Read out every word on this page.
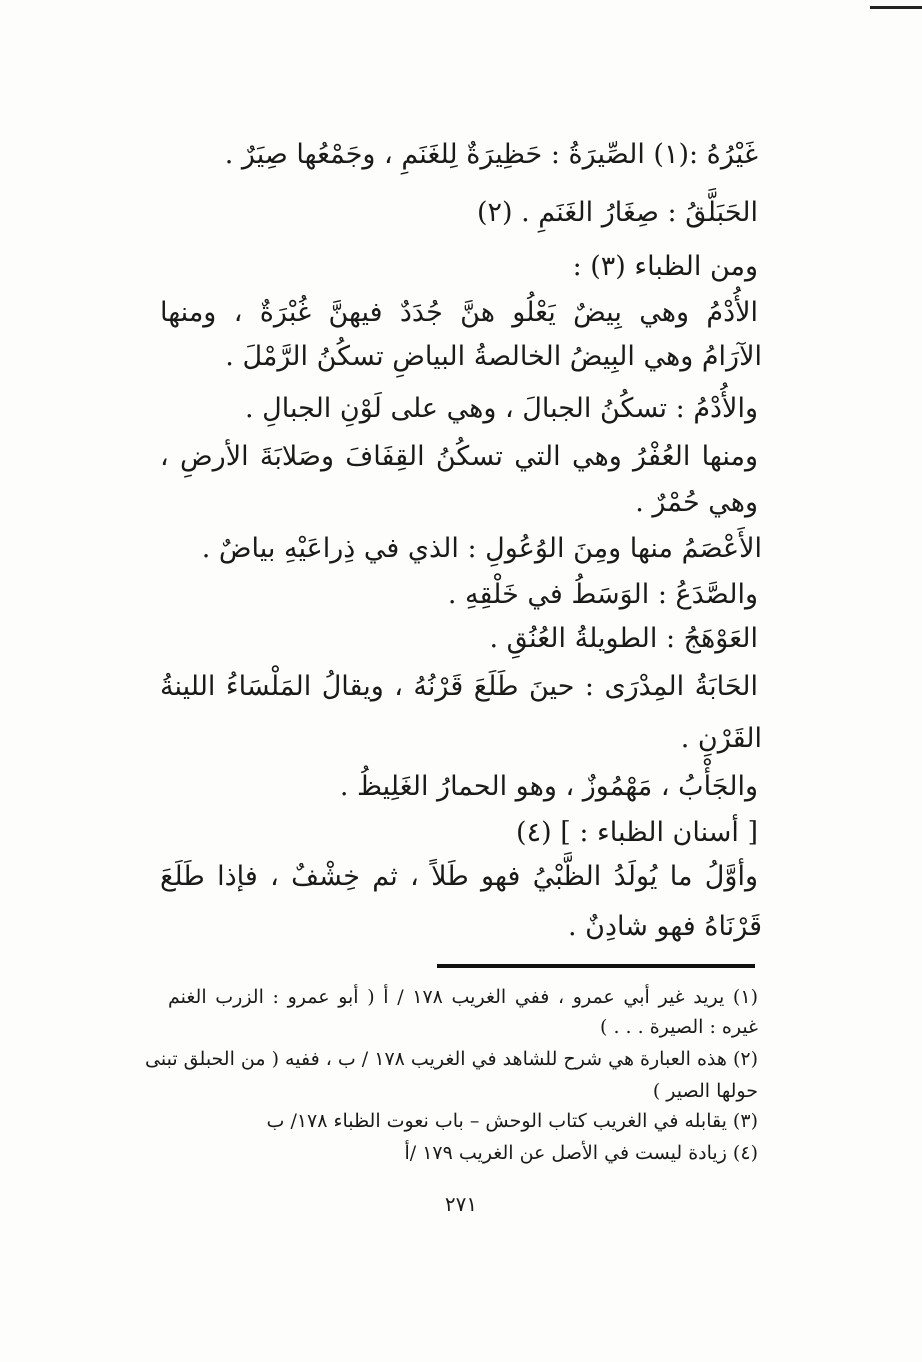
غَيْرُهُ :(١) الصِّيرَةُ : حَظِيرَةٌ لِلغَنَمِ ، وجَمْعُها صِيَرٌ .
الحَبَلَّقُ : صِغَارُ الغَنَمِ . (٢)
ومن الظباء (٣) :
الأُدْمُ وهي بِيضٌ يَعْلُو هنَّ جُدَدٌ فيهنَّ غُبْرَةٌ ، ومنها
الآرَامُ وهي البِيضُ الخالصةُ البياضِ تسكُنُ الرَّمْلَ .
والأُدْمُ : تسكُنُ الجبالَ ، وهي على لَوْنِ الجبالِ .
ومنها العُفْرُ وهي التي تسكُنُ القِفَافَ وصَلابَةَ الأرضِ ،
وهي حُمْرٌ .
الأَعْصَمُ منها ومِنَ الوُعُولِ : الذي في ذِراعَيْهِ بياضٌ .
والصَّدَعُ : الوَسَطُ في خَلْقِهِ .
العَوْهَجُ : الطويلةُ العُنُقِ .
الحَابَةُ المِدْرَى : حينَ طَلَعَ قَرْنُهُ ، ويقالُ المَلْسَاءُ اللينةُ
القَرْنِ .
والجَأْبُ ، مَهْمُوزٌ ، وهو الحمارُ الغَلِيظُ .
[ أسنان الظباء : ] (٤)
وأوَّلُ ما يُولَدُ الظَّبْيُ فهو طَلاً ، ثم خِشْفٌ ، فإذا طَلَعَ
قَرْنَاهُ فهو شادِنٌ .
(١) يريد غير أبي عمرو ، ففي الغريب ١٧٨ / أ ( أبو عمرو : الزرب الغنم
غيره : الصيرة . . . )
(٢) هذه العبارة هي شرح للشاهد في الغريب ١٧٨ / ب ، ففيه ( من الحبلق تبنى
حولها الصير )
(٣) يقابله في الغريب كتاب الوحش – باب نعوت الظباء ١٧٨/ ب
(٤) زيادة ليست في الأصل عن الغريب ١٧٩ /أ
٢٧١
